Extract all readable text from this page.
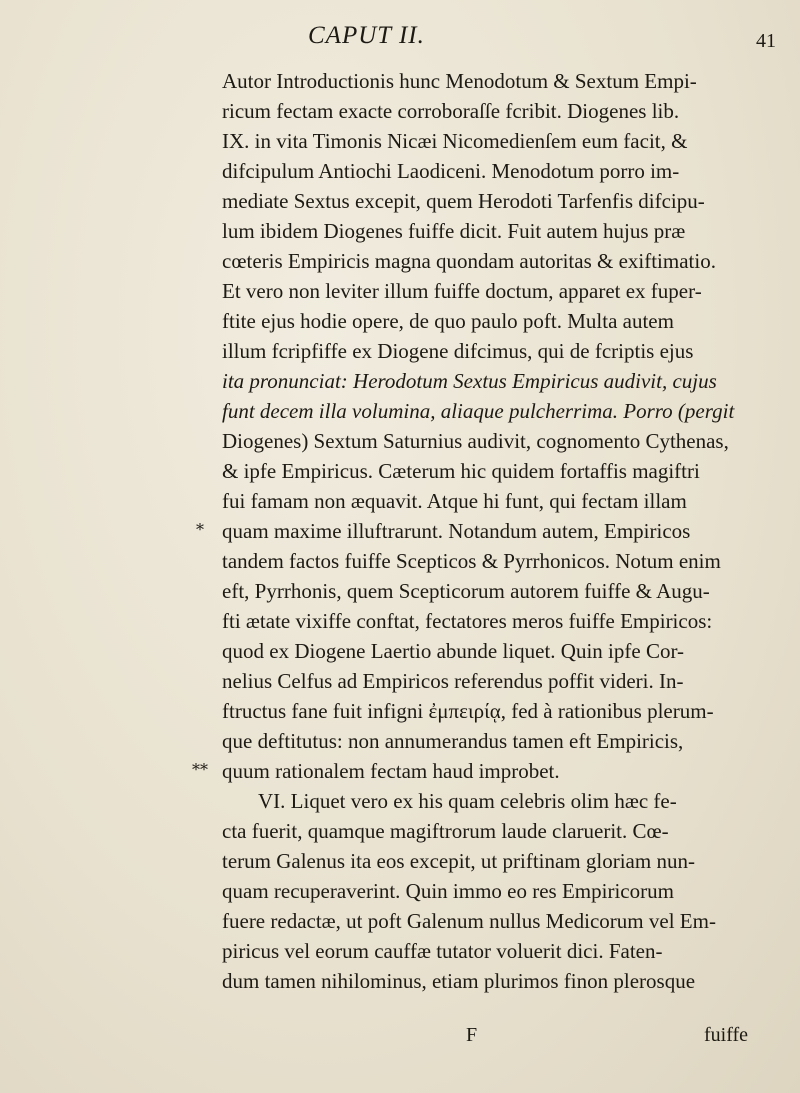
CAPUT II.	41
Autor Introductionis hunc Menodotum & Sextum Empi-
ricum fectam exacte corroboraſſe fcribit. Diogenes lib.
IX. in vita Timonis Nicæi Nicomedienſem eum facit, &
difcipulum Antiochi Laodiceni. Menodotum porro im-
mediate Sextus excepit, quem Herodoti Tarfenfis difcipu-
lum ibidem Diogenes fuiffe dicit. Fuit autem hujus præ
cœteris Empiricis magna quondam autoritas & exiftimatio.
Et vero non leviter illum fuiffe doctum, apparet ex fuper-
ftite ejus hodie opere, de quo paulo poft. Multa autem
illum fcripfiffe ex Diogene difcimus, qui de fcriptis ejus
ita pronunciat: Herodotum Sextus Empiricus audivit, cujus
funt decem illa volumina, aliaque pulcherrima. Porro (pergit
Diogenes) Sextum Saturnius audivit, cognomento Cythenas,
& ipfe Empiricus. Cæterum hic quidem fortaffis magiftri
fui famam non æquavit. Atque hi funt, qui fectam illam
* quam maxime illuftrarunt. Notandum autem, Empiricos
tandem factos fuiffe Scepticos & Pyrrhonicos. Notum enim
eft, Pyrrhonis, quem Scepticorum autorem fuiffe & Augu-
fti ætate vixiffe conftat, fectatores meros fuiffe Empiricos:
quod ex Diogene Laertio abunde liquet. Quin ipfe Cor-
nelius Celfus ad Empiricos referendus poffit videri. In-
ftructus fane fuit infigni ἐμπειρίᾳ, fed à rationibus plerum-
que deftitutus: non annumerandus tamen eft Empiricis,
** quum rationalem fectam haud improbet.
VI. Liquet vero ex his quam celebris olim hæc fe-
cta fuerit, quamque magiftrorum laude claruerit. Cœ-
terum Galenus ita eos excepit, ut priftinam gloriam nun-
quam recuperaverint. Quin immo eo res Empiricorum
fuere redactæ, ut poft Galenum nullus Medicorum vel Em-
piricus vel eorum cauffæ tutator voluerit dici. Faten-
dum tamen nihilominus, etiam plurimos finon plerosque
F	fuiffe
